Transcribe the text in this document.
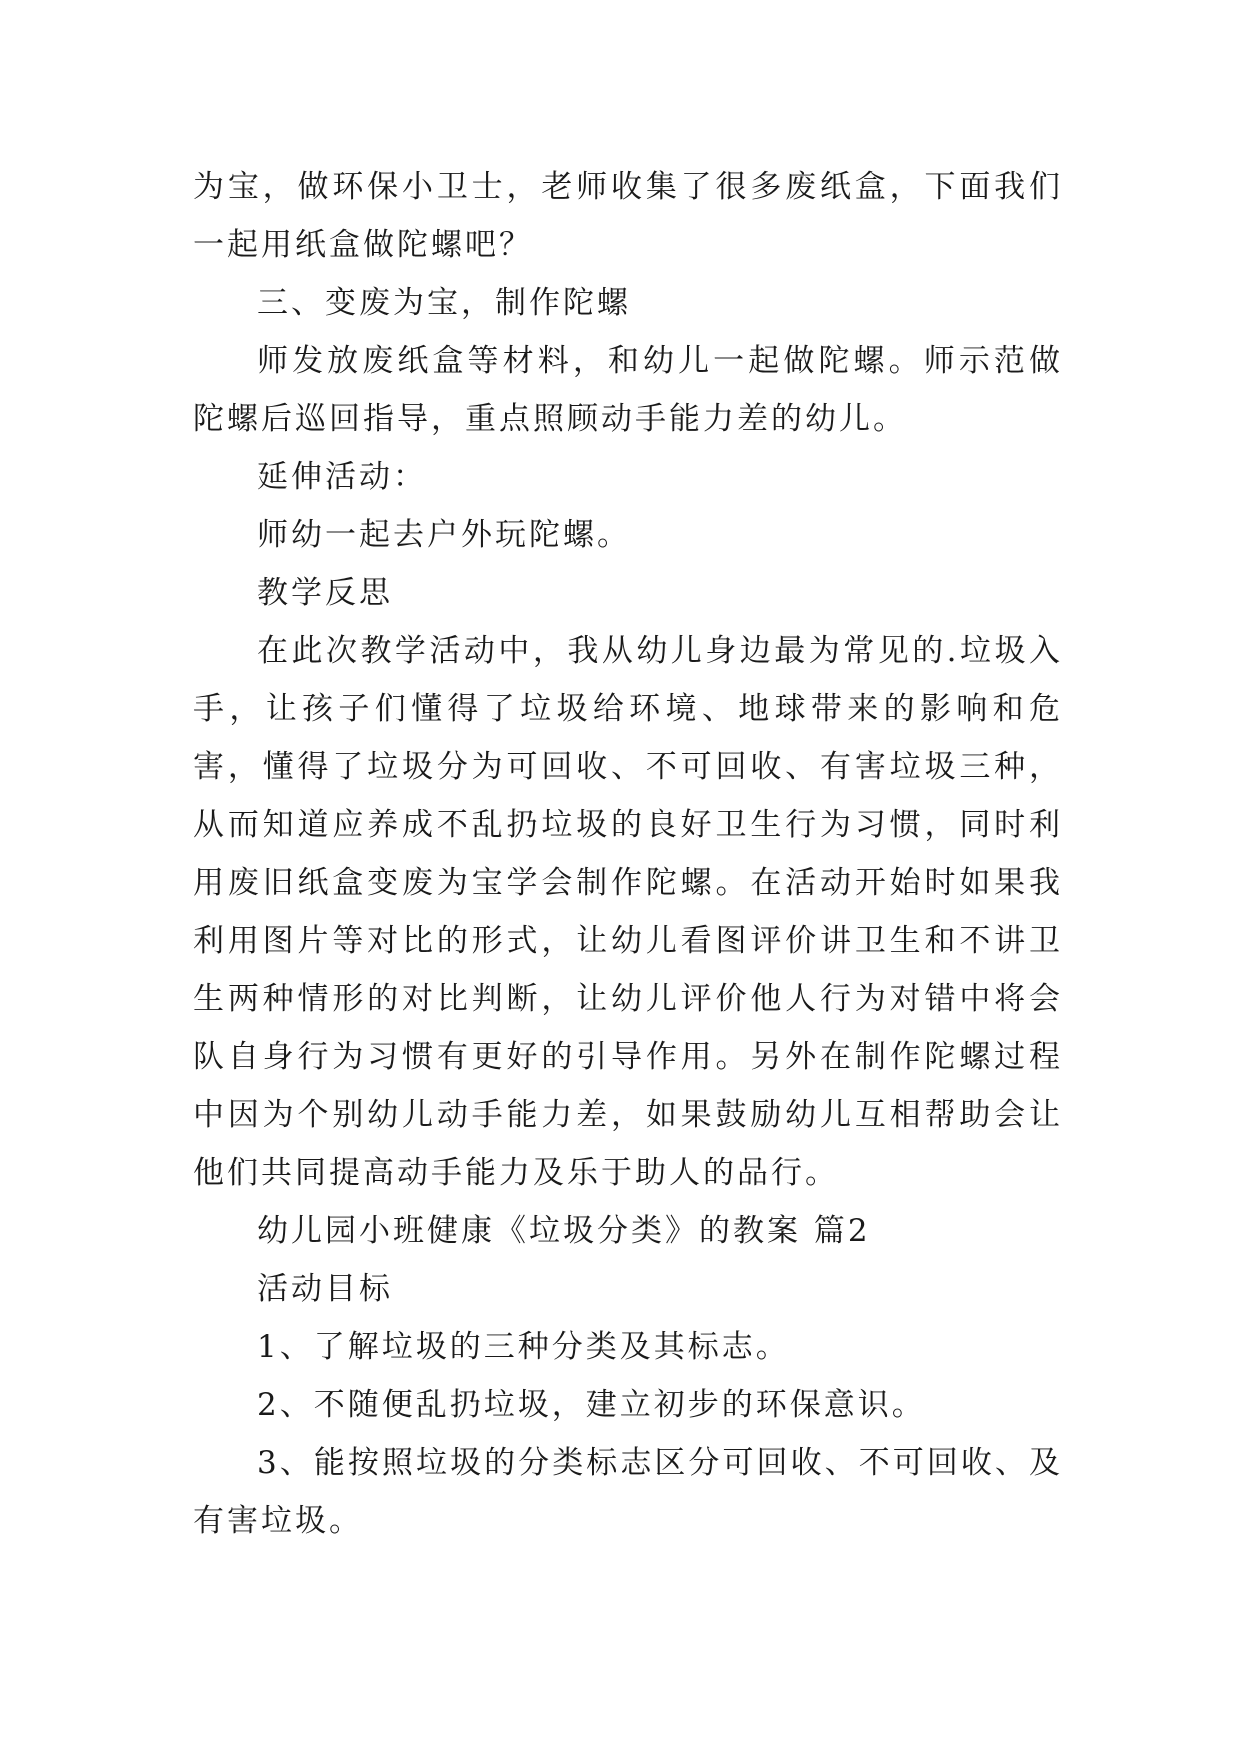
为宝，做环保小卫士，老师收集了很多废纸盒，下面我们一起用纸盒做陀螺吧？

三、变废为宝，制作陀螺

师发放废纸盒等材料，和幼儿一起做陀螺。师示范做陀螺后巡回指导，重点照顾动手能力差的幼儿。

延伸活动：

师幼一起去户外玩陀螺。

教学反思

在此次教学活动中，我从幼儿身边最为常见的.垃圾入手，让孩子们懂得了垃圾给环境、地球带来的影响和危害，懂得了垃圾分为可回收、不可回收、有害垃圾三种，从而知道应养成不乱扔垃圾的良好卫生行为习惯，同时利用废旧纸盒变废为宝学会制作陀螺。在活动开始时如果我利用图片等对比的形式，让幼儿看图评价讲卫生和不讲卫生两种情形的对比判断，让幼儿评价他人行为对错中将会队自身行为习惯有更好的引导作用。另外在制作陀螺过程中因为个别幼儿动手能力差，如果鼓励幼儿互相帮助会让他们共同提高动手能力及乐于助人的品行。

幼儿园小班健康《垃圾分类》的教案 篇2

活动目标

1、了解垃圾的三种分类及其标志。

2、不随便乱扔垃圾，建立初步的环保意识。

3、能按照垃圾的分类标志区分可回收、不可回收、及有害垃圾。
